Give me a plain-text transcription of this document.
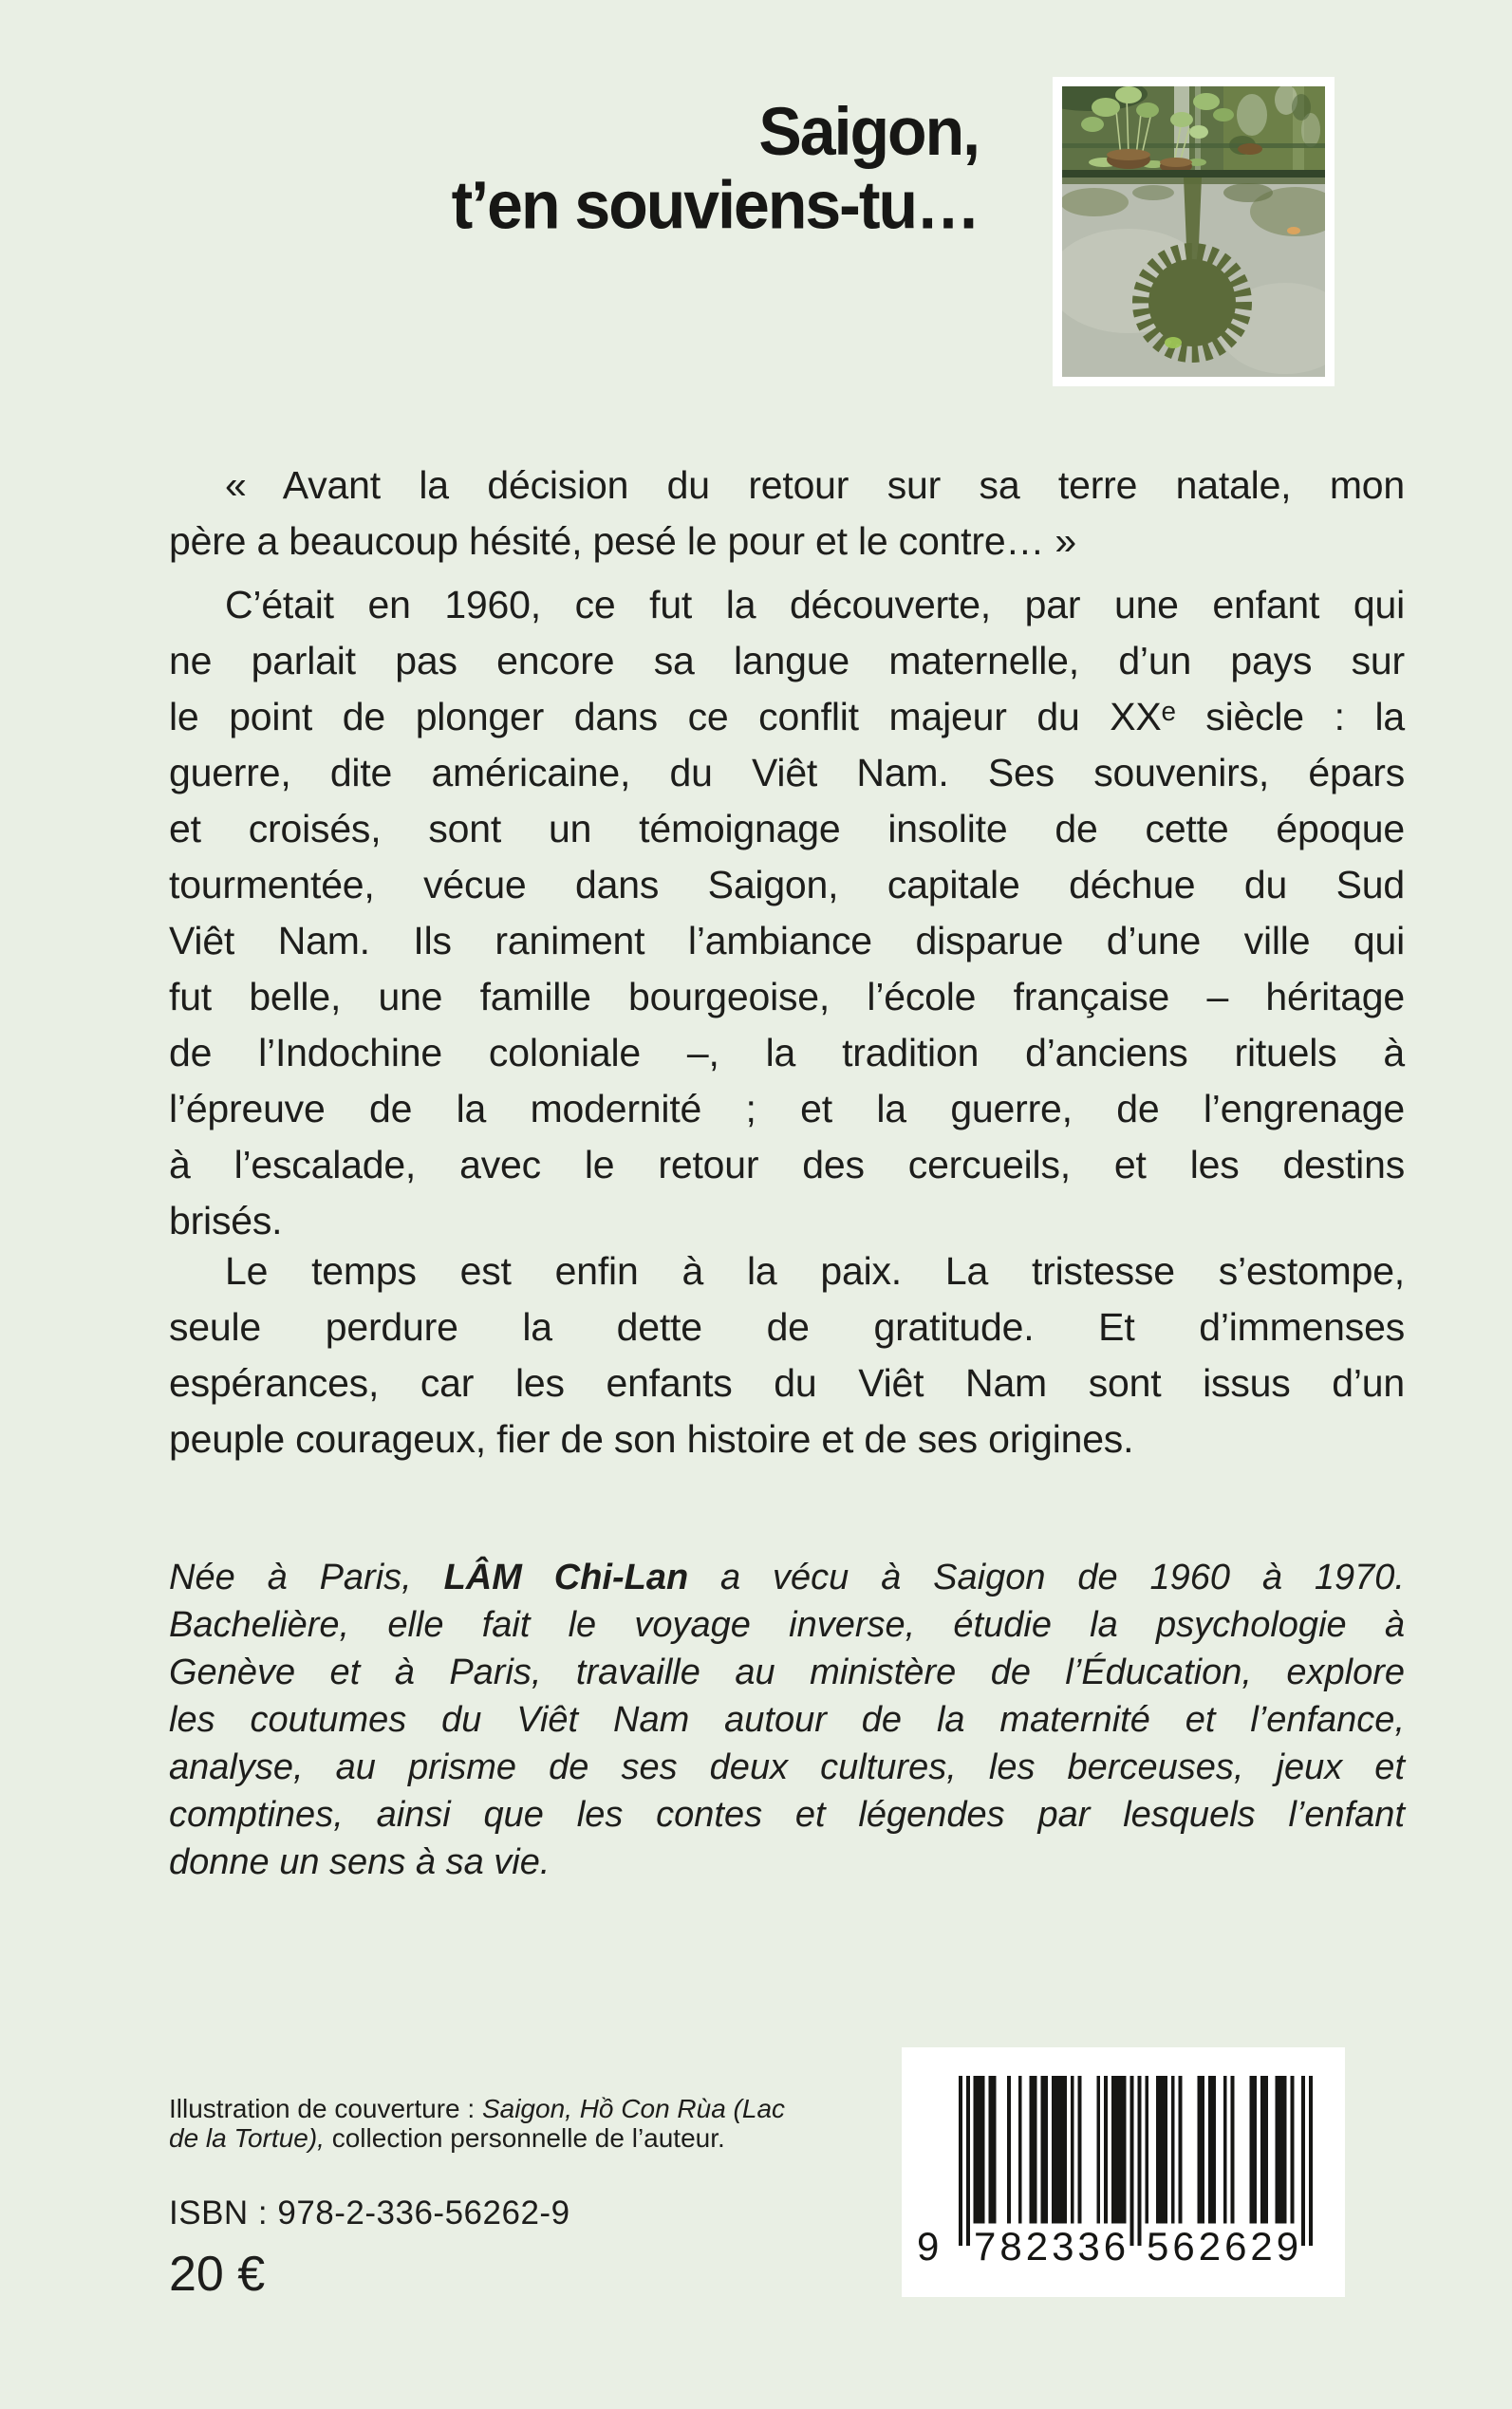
Saigon,
t’en souviens-tu…
« Avant la décision du retour sur sa terre natale, mon
père a beaucoup hésité, pesé le pour et le contre… »
C’était en 1960, ce fut la découverte, par une enfant qui
ne parlait pas encore sa langue maternelle, d’un pays sur
le point de plonger dans ce conflit majeur du XXᵉ siècle : la
guerre, dite américaine, du Viêt Nam. Ses souvenirs, épars
et croisés, sont un témoignage insolite de cette époque
tourmentée, vécue dans Saigon, capitale déchue du Sud
Viêt Nam. Ils raniment l’ambiance disparue d’une ville qui
fut belle, une famille bourgeoise, l’école française – héritage
de l’Indochine coloniale –, la tradition d’anciens rituels à
l’épreuve de la modernité ; et la guerre, de l’engrenage
à l’escalade, avec le retour des cercueils, et les destins
brisés.
Le temps est enfin à la paix. La tristesse s’estompe,
seule perdure la dette de gratitude. Et d’immenses
espérances, car les enfants du Viêt Nam sont issus d’un
peuple courageux, fier de son histoire et de ses origines.
Née à Paris, LÂM Chi-Lan a vécu à Saigon de 1960 à 1970.
Bachelière, elle fait le voyage inverse, étudie la psychologie à
Genève et à Paris, travaille au ministère de l’Éducation, explore
les coutumes du Viêt Nam autour de la maternité et l’enfance,
analyse, au prisme de ses deux cultures, les berceuses, jeux et
comptines, ainsi que les contes et légendes par lesquels l’enfant
donne un sens à sa vie.
Illustration de couverture : Saigon, Hồ Con Rùa (Lac
de la Tortue), collection personnelle de l’auteur.
ISBN : 978-2-336-56262-9
20 €
9 782336 562629
